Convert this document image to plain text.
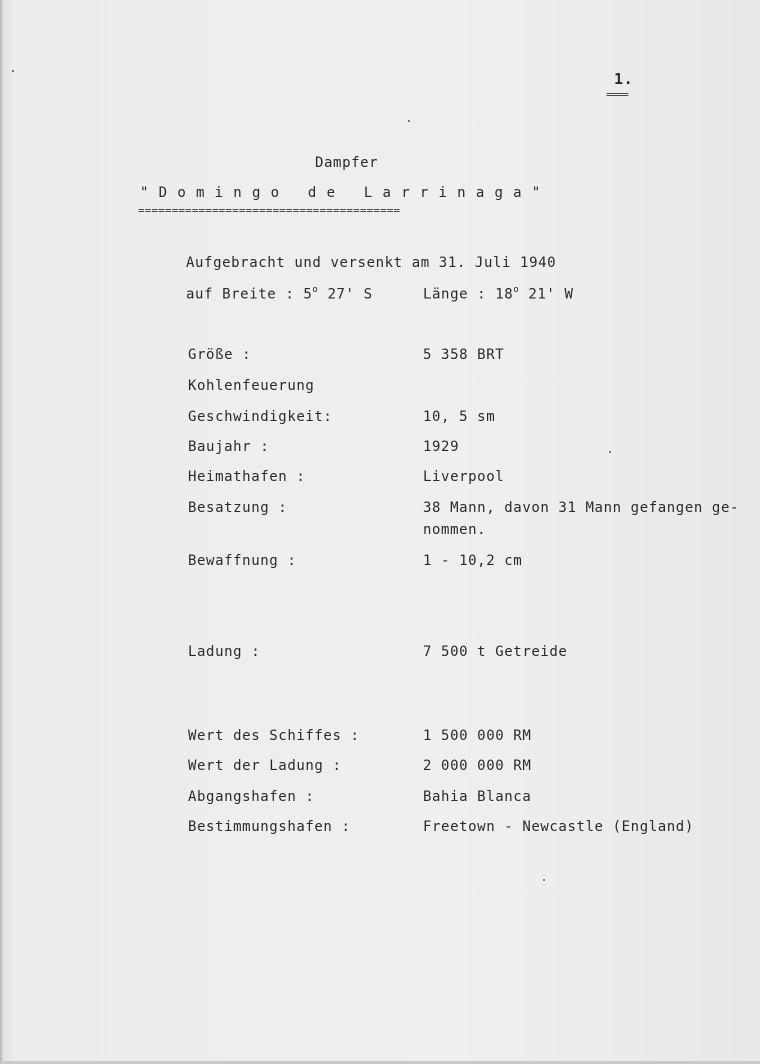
1.
====
Dampfer
" D o m i n g o   d e   L a r r i n a g a "
=======================================
Aufgebracht und versenkt am 31. Juli 1940
auf Breite : 5$^o$ 27' S	Länge : 18$^o$ 21' W
Größe :	5 358 BRT
Kohlenfeuerung
Geschwindigkeit:	10, 5 sm
Baujahr :	1929
Heimathafen :	Liverpool
Besatzung :	38 Mann, davon 31 Mann gefangen ge-
nommen.
Bewaffnung :	1 - 10,2 cm
Ladung :	7 500 t Getreide
Wert des Schiffes :	1 500 000 RM
Wert der Ladung :	2 000 000 RM
Abgangshafen :	Bahia Blanca
Bestimmungshafen :	Freetown - Newcastle (England)
